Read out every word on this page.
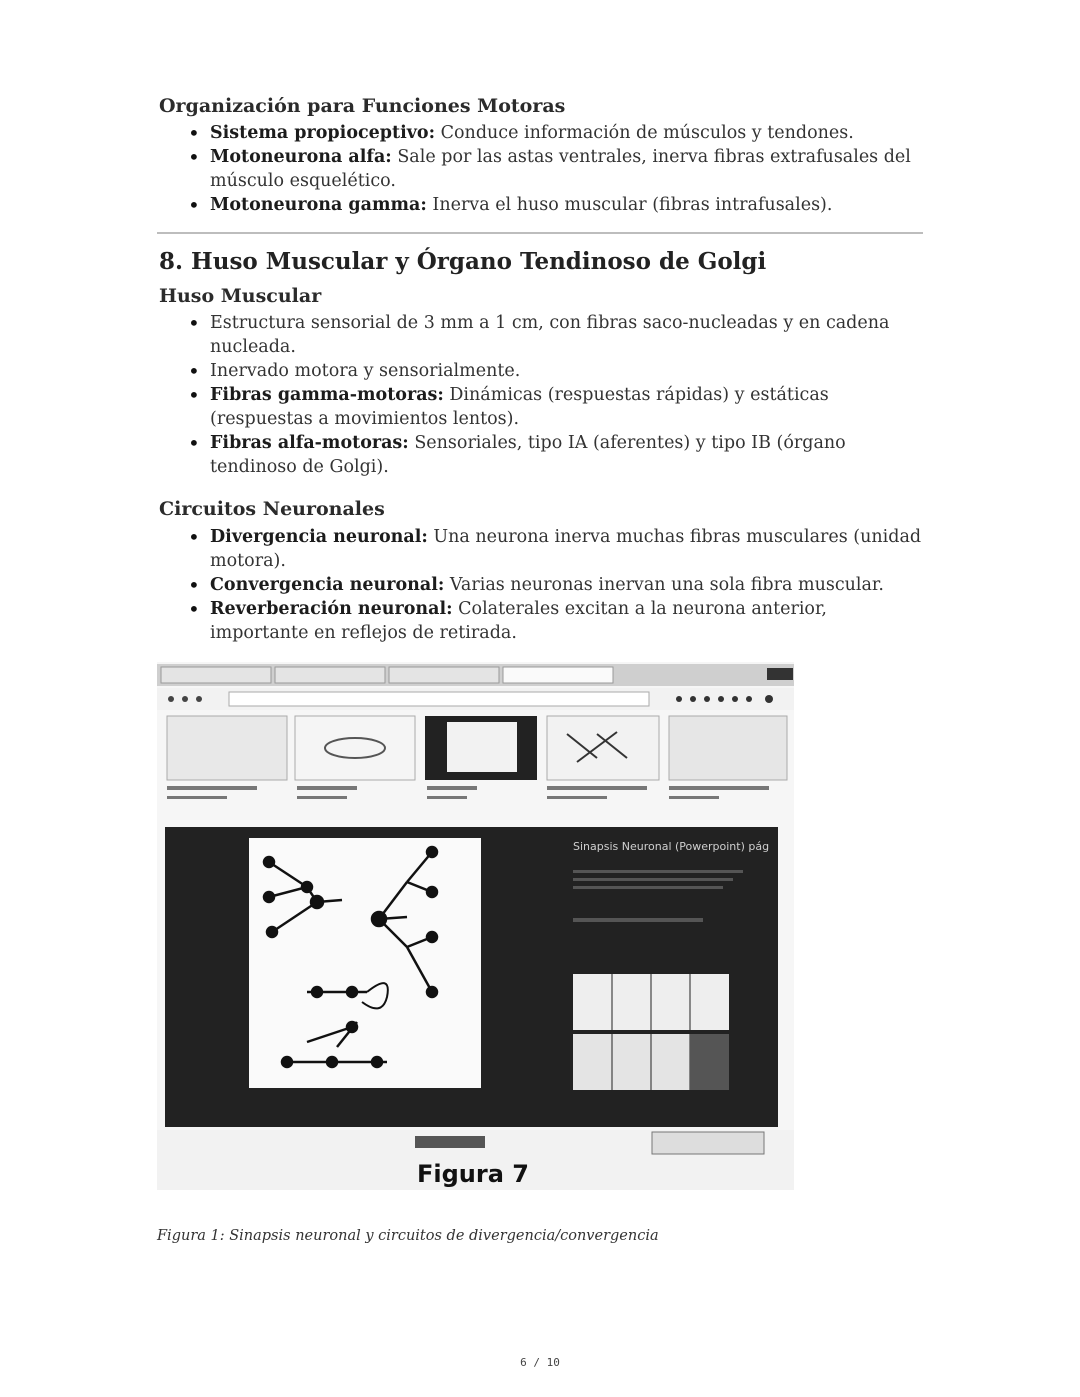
Organización para Funciones Motoras
• Sistema propioceptivo: Conduce información de músculos y tendones.
• Motoneurona alfa: Sale por las astas ventrales, inerva fibras extrafusales del músculo esquelético.
• Motoneurona gamma: Inerva el huso muscular (fibras intrafusales).
8. Huso Muscular y Órgano Tendinoso de Golgi
Huso Muscular
• Estructura sensorial de 3 mm a 1 cm, con fibras saco-nucleadas y en cadena nucleada.
• Inervado motora y sensorialmente.
• Fibras gamma-motoras: Dinámicas (respuestas rápidas) y estáticas (respuestas a movimientos lentos).
• Fibras alfa-motoras: Sensoriales, tipo IA (aferentes) y tipo IB (órgano tendinoso de Golgi).
Circuitos Neuronales
• Divergencia neuronal: Una neurona inerva muchas fibras musculares (unidad motora).
• Convergencia neuronal: Varias neuronas inervan una sola fibra muscular.
• Reverberación neuronal: Colaterales excitan a la neurona anterior, importante en reflejos de retirada.
Sinapsis Neuronal (Powerpoint) pág
Figura 7
Figura 1: Sinapsis neuronal y circuitos de divergencia/convergencia
6 / 10
